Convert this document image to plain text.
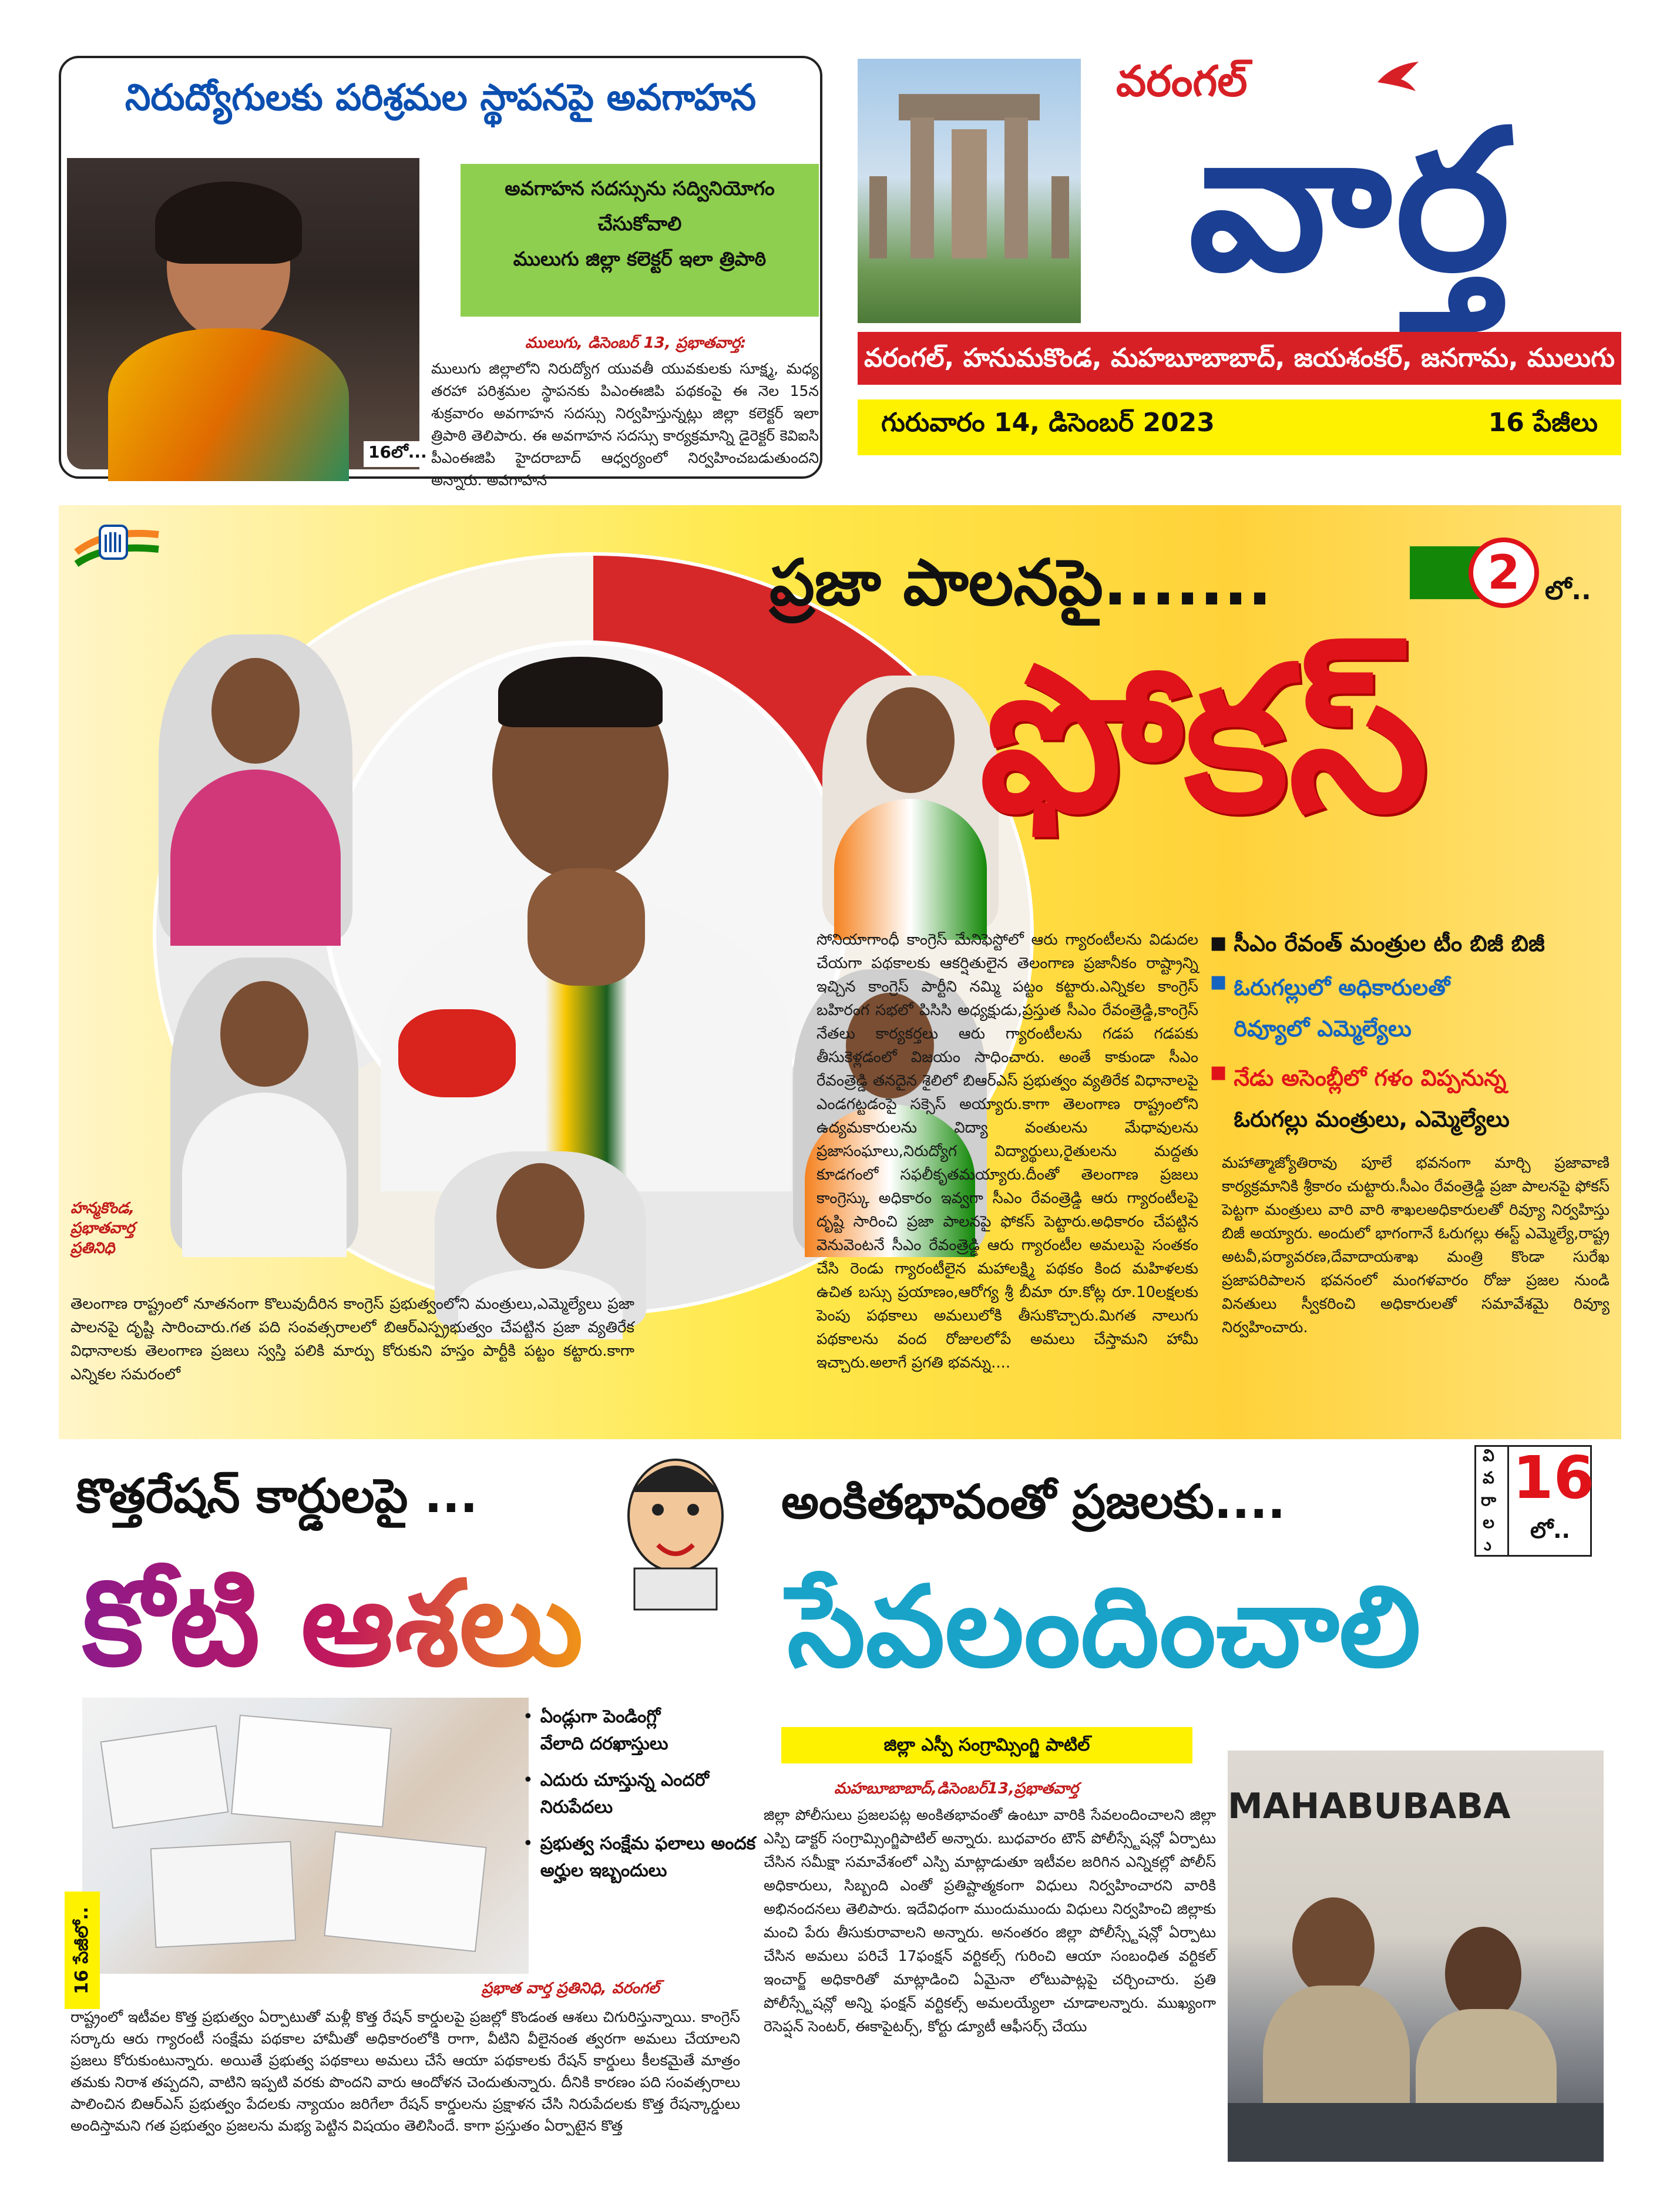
నిరుద్యోగులకు పరిశ్రమల స్థాపనపై అవగాహన
16లో...
అవగాహన సదస్సును సద్వినియోగం
చేసుకోవాలి
ములుగు జిల్లా కలెక్టర్ ఇలా త్రిపాఠి
ములుగు, డిసెంబర్ 13, ప్రభాతవార్త:
ములుగు జిల్లాలోని నిరుద్యోగ యువతీ యువకులకు సూక్ష్మ, మధ్య తరహా పరిశ్రమల స్థాపనకు పిఎంఈజిపి పథకంపై ఈ నెల 15న శుక్రవారం అవగాహన సదస్సు నిర్వహిస్తున్నట్లు జిల్లా కలెక్టర్ ఇలా త్రిపాఠి తెలిపారు. ఈ అవగాహన సదస్సు కార్యక్రమాన్ని డైరెక్టర్ కెవిఐసి పీఎంఈజిపి హైదరాబాద్ ఆధ్వర్యంలో నిర్వహించబడుతుందని అన్నారు. అవగాహన
వరంగల్
వార్త
వరంగల్, హనుమకొండ, మహబూబాబాద్, జయశంకర్, జనగామ, ములుగు
గురువారం 14, డిసెంబర్ 2023	16 పేజీలు
హన్మకొండ,
ప్రభాతవార్త
ప్రతినిధి
ప్రజా పాలనపై.......	2 లో..
ఫోకస్
■ సీఎం రేవంత్ మంత్రుల టీం బిజీ బిజీ
■ ఓరుగల్లులో అధికారులతో
రివ్యూలో ఎమ్మెల్యేలు
■ నేడు అసెంబ్లీలో గళం విప్పనున్న
ఓరుగల్లు మంత్రులు, ఎమ్మెల్యేలు
తెలంగాణ రాష్ట్రంలో నూతనంగా కొలువుదీరిన కాంగ్రెస్ ప్రభుత్వంలోని మంత్రులు,ఎమ్మెల్యేలు ప్రజా పాలనపై దృష్టి సారించారు.గత పది సంవత్సరాలలో బిఆర్ఎస్ప్రభుత్వం చేపట్టిన ప్రజా వ్యతిరేక విధానాలకు తెలంగాణ ప్రజలు స్వస్తి పలికి మార్పు కోరుకుని హస్తం పార్టీకి పట్టం కట్టారు.కాగా ఎన్నికల సమరంలో
సోనియాగాంధీ కాంగ్రెస్ మేనిఫెస్టోలో ఆరు గ్యారంటీలను విడుదల చేయగా పథకాలకు ఆకర్షితులైన తెలంగాణ ప్రజానీకం రాష్ట్రాన్ని ఇచ్చిన కాంగ్రెస్ పార్టీని నమ్మి పట్టం కట్టారు.ఎన్నికల కాంగ్రెస్ బహిరంగ సభలో పిసిసి అధ్యక్షుడు,ప్రస్తుత సీఎం రేవంత్రెడ్డి,కాంగ్రెస్ నేతలు కార్యకర్తలు ఆరు గ్యారంటీలను గడప గడపకు తీసుకెళ్లడంలో విజయం సాధించారు. అంతే కాకుండా సీఎం రేవంత్రెడ్డి తనదైన శైలిలో బిఆర్ఎస్ ప్రభుత్వం వ్యతిరేక విధానాలపై ఎండగట్టడంపై సక్సెస్ అయ్యారు.కాగా తెలంగాణ రాష్ట్రంలోని ఉద్యమకారులను విద్యా వంతులను మేధావులను ప్రజాసంఘాలు,నిరుద్యోగ విద్యార్థులు,రైతులను మద్దతు కూడగంలో సఫలీకృతమయ్యారు.దీంతో తెలంగాణ ప్రజలు కాంగ్రెస్కు అధికారం ఇవ్వగా సీఎం రేవంత్రెడ్డి ఆరు గ్యారంటీలపై దృష్టి సారించి ప్రజా పాలనపై ఫోకస్ పెట్టారు.అధికారం చేపట్టిన వెనువెంటనే సీఎం రేవంత్రెడ్డి ఆరు గ్యారంటీల అమలుపై సంతకం చేసి రెండు గ్యారంటీలైన మహాలక్ష్మి పథకం కింద మహిళలకు ఉచిత బస్సు ప్రయాణం,ఆరోగ్య శ్రీ బీమా రూ.కోట్ల రూ.10లక్షలకు పెంపు పథకాలు అమలులోకి తీసుకొచ్చారు.మిగత నాలుగు పథకాలను వంద రోజులలోపే అమలు చేస్తామని హామీ ఇచ్చారు.అలాగే ప్రగతి భవన్ను....
మహాత్మాజ్యోతిరావు పూలే భవనంగా మార్చి ప్రజావాణి కార్యక్రమానికి శ్రీకారం చుట్టారు.సీఎం రేవంత్రెడ్డి ప్రజా పాలనపై ఫోకస్ పెట్టగా మంత్రులు వారి వారి శాఖలఅధికారులతో రివ్యూ నిర్వహిస్తు బిజీ అయ్యారు. అందులో భాగంగానే ఓరుగల్లు ఈస్ట్ ఎమ్మెల్యే,రాష్ట్ర అటవీ,పర్యావరణ,దేవాదాయశాఖ మంత్రి కొండా సురేఖ ప్రజాపరిపాలన భవనంలో మంగళవారం రోజు ప్రజల నుండి వినతులు స్వీకరించి అధికారులతో సమావేశమై రివ్యూ నిర్వహించారు.
కొత్తరేషన్ కార్డులపై ...
కోటి ఆశలు
16 పేజీలో..
• ఏండ్లుగా పెండింగ్లో
వేలాది దరఖాస్తులు
• ఎదురు చూస్తున్న ఎందరో
నిరుపేదలు
• ప్రభుత్వ సంక్షేమ ఫలాలు అందక
అర్హుల ఇబ్బందులు
ప్రభాత వార్త ప్రతినిధి, వరంగల్
రాష్ట్రంలో ఇటీవల కొత్త ప్రభుత్వం ఏర్పాటుతో మళ్లీ కొత్త రేషన్ కార్డులపై ప్రజల్లో కొండంత ఆశలు చిగురిస్తున్నాయి. కాంగ్రెస్ సర్కారు ఆరు గ్యారంటీ సంక్షేమ పథకాల హామీతో అధికారంలోకి రాగా, వీటిని వీలైనంత త్వరగా అమలు చేయాలని ప్రజలు కోరుకుంటున్నారు. అయితే ప్రభుత్వ పథకాలు అమలు చేసే ఆయా పథకాలకు రేషన్ కార్డులు కీలకమైతే మాత్రం తమకు నిరాశ తప్పదని, వాటిని ఇప్పటి వరకు పొందని వారు ఆందోళన చెందుతున్నారు. దీనికి కారణం పది సంవత్సరాలు పాలించిన బిఆర్ఎస్ ప్రభుత్వం పేదలకు న్యాయం జరిగేలా రేషన్ కార్డులను ప్రక్షాళన చేసి నిరుపేదలకు కొత్త రేషన్కార్డులు అందిస్తామని గత ప్రభుత్వం ప్రజలను మభ్య పెట్టిన విషయం తెలిసిందే. కాగా ప్రస్తుతం ఏర్పాటైన కొత్త
అంకితభావంతో ప్రజలకు....	వివరాలు 16
లో..
సేవలందించాలి
జిల్లా ఎస్పీ సంగ్రామ్సింగ్జి పాటిల్
మహబూబాబాద్,డిసెంబర్13,ప్రభాతవార్త
జిల్లా పోలీసులు ప్రజలపట్ల అంకితభావంతో ఉంటూ వారికి సేవలందించాలని జిల్లా ఎస్పి డాక్టర్ సంగ్రామ్సింగ్జిపాటిల్ అన్నారు. బుధవారం టౌన్ పోలీస్స్టేషన్లో ఏర్పాటు చేసిన సమీక్షా సమావేశంలో ఎస్పి మాట్లాడుతూ ఇటీవల జరిగిన ఎన్నికల్లో పోలీస్ అధికారులు, సిబ్బంది ఎంతో ప్రతిష్టాత్మకంగా విధులు నిర్వహించారని వారికి అభినందనలు తెలిపారు. ఇదేవిధంగా ముందుముందు విధులు నిర్వహించి జిల్లాకు మంచి పేరు తీసుకురావాలని అన్నారు. అనంతరం జిల్లా పోలీస్స్టేషన్లో ఏర్పాటు చేసిన అమలు పరిచే 17ఫంక్షన్ వర్టికల్స్ గురించి ఆయా సంబంధిత వర్టికల్ ఇంచార్జ్ అధికారితో మాట్లాడించి ఏమైనా లోటుపాట్లపై చర్చించారు. ప్రతి పోలీస్స్టేషన్లో అన్ని ఫంక్షన్ వర్టికల్స్ అమలయ్యేలా చూడాలన్నారు. ముఖ్యంగా రెసెప్షన్ సెంటర్, ఈకాపైటర్స్, కోర్టు డ్యూటీ ఆఫీసర్స్ చేయు
MAHABUBABA
